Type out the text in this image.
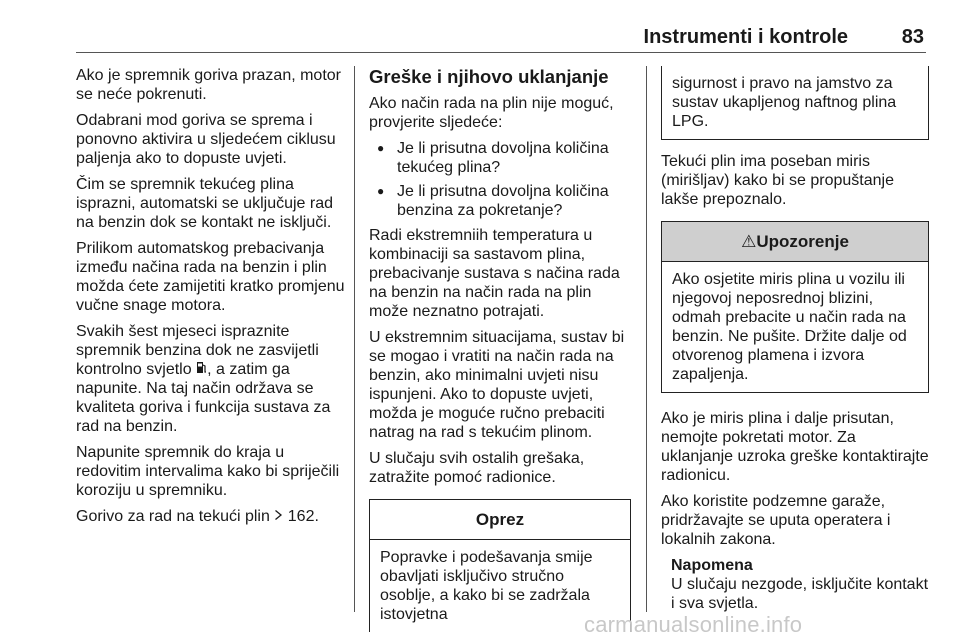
Instrumenti i kontrole	83

Ako je spremnik goriva prazan, motor se neće pokrenuti.

Odabrani mod goriva se sprema i ponovno aktivira u sljedećem ciklusu paljenja ako to dopuste uvjeti.

Čim se spremnik tekućeg plina isprazni, automatski se uključuje rad na benzin dok se kontakt ne isključi.

Prilikom automatskog prebacivanja između načina rada na benzin i plin možda ćete zamijetiti kratko promjenu vučne snage motora.

Svakih šest mjeseci ispraznite spremnik benzina dok ne zasvijetli kontrolno svjetlo , a zatim ga napunite. Na taj način održava se kvaliteta goriva i funkcija sustava za rad na benzin.

Napunite spremnik do kraja u redovitim intervalima kako bi spriječili koroziju u spremniku.

Gorivo za rad na tekući plin 162.

Greške i njihovo uklanjanje

Ako način rada na plin nije moguć, provjerite sljedeće:

● Je li prisutna dovoljna količina tekućeg plina?
● Je li prisutna dovoljna količina benzina za pokretanje?

Radi ekstremniih temperatura u kombinaciji sa sastavom plina, prebacivanje sustava s načina rada na benzin na način rada na plin može neznatno potrajati.

U ekstremnim situacijama, sustav bi se mogao i vratiti na način rada na benzin, ako minimalni uvjeti nisu ispunjeni. Ako to dopuste uvjeti, možda je moguće ručno prebaciti natrag na rad s tekućim plinom.

U slučaju svih ostalih grešaka, zatražite pomoć radionice.

Oprez
Popravke i podešavanja smije obavljati isključivo stručno osoblje, a kako bi se zadržala istovjetna
sigurnost i pravo na jamstvo za sustav ukapljenog naftnog plina LPG.

Tekući plin ima poseban miris (mirišljav) kako bi se propuštanje lakše prepoznalo.

⚠Upozorenje
Ako osjetite miris plina u vozilu ili njegovoj neposrednoj blizini, odmah prebacite u način rada na benzin. Ne pušite. Držite dalje od otvorenog plamena i izvora zapaljenja.

Ako je miris plina i dalje prisutan, nemojte pokretati motor. Za uklanjanje uzroka greške kontaktirajte radionicu.

Ako koristite podzemne garaže, pridržavajte se uputa operatera i lokalnih zakona.

Napomena
U slučaju nezgode, isključite kontakt i sva svjetla.
carmanualsonline.info
